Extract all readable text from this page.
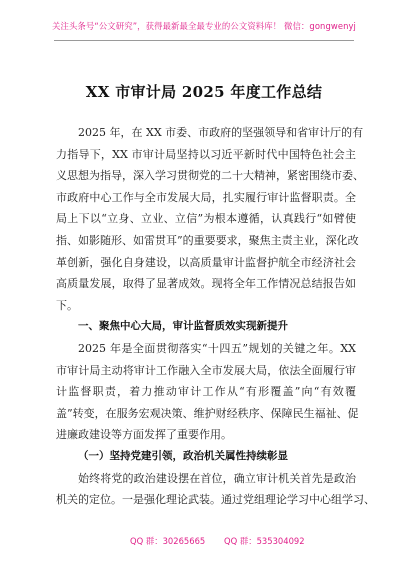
关注头条号“公文研究”，获得最新最全最专业的公文资料库！ 微信：gongwenyj
XX 市审计局 2025 年度工作总结
2025 年，在 XX 市委、市政府的坚强领导和省审计厅的有
力指导下，XX 市审计局坚持以习近平新时代中国特色社会主
义思想为指导，深入学习贯彻党的二十大精神，紧密围绕市委、
市政府中心工作与全市发展大局，扎实履行审计监督职责。全
局上下以“立身、立业、立信”为根本遵循，认真践行“如臂使
指、如影随形、如雷贯耳”的重要要求，聚焦主责主业，深化改
革创新，强化自身建设，以高质量审计监督护航全市经济社会
高质量发展，取得了显著成效。现将全年工作情况总结报告如
下。
一、聚焦中心大局，审计监督质效实现新提升
2025 年是全面贯彻落实“十四五”规划的关键之年。XX
市审计局主动将审计工作融入全市发展大局，依法全面履行审
计监督职责，着力推动审计工作从“有形覆盖”向“有效覆
盖”转变，在服务宏观决策、维护财经秩序、保障民生福祉、促
进廉政建设等方面发挥了重要作用。
（一）坚持党建引领，政治机关属性持续彰显
始终将党的政治建设摆在首位，确立审计机关首先是政治
机关的定位。一是强化理论武装。通过党组理论学习中心组学习、
QQ 群：30265665 QQ 群：535304092
